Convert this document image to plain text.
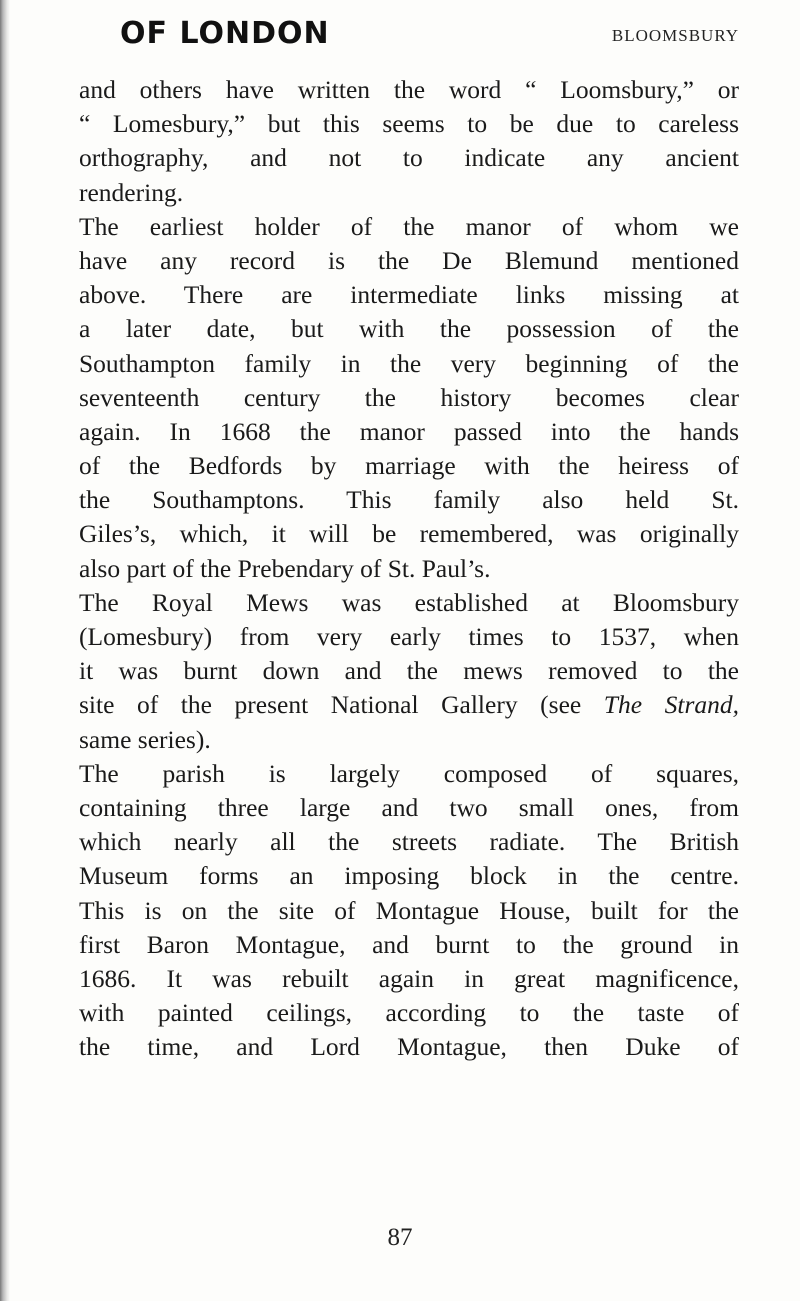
OF LONDON	BLOOMSBURY
and others have written the word “ Loomsbury,” or
“ Lomesbury,” but this seems to be due to careless
orthography, and not to indicate any ancient
rendering.
The earliest holder of the manor of whom we
have any record is the De Blemund mentioned
above. There are intermediate links missing at
a later date, but with the possession of the
Southampton family in the very beginning of the
seventeenth century the history becomes clear
again. In 1668 the manor passed into the hands
of the Bedfords by marriage with the heiress of
the Southamptons. This family also held St.
Giles’s, which, it will be remembered, was originally
also part of the Prebendary of St. Paul’s.
The Royal Mews was established at Bloomsbury
(Lomesbury) from very early times to 1537, when
it was burnt down and the mews removed to the
site of the present National Gallery (see The Strand,
same series).
The parish is largely composed of squares,
containing three large and two small ones, from
which nearly all the streets radiate. The British
Museum forms an imposing block in the centre.
This is on the site of Montague House, built for the
first Baron Montague, and burnt to the ground in
1686. It was rebuilt again in great magnificence,
with painted ceilings, according to the taste of
the time, and Lord Montague, then Duke of
87
